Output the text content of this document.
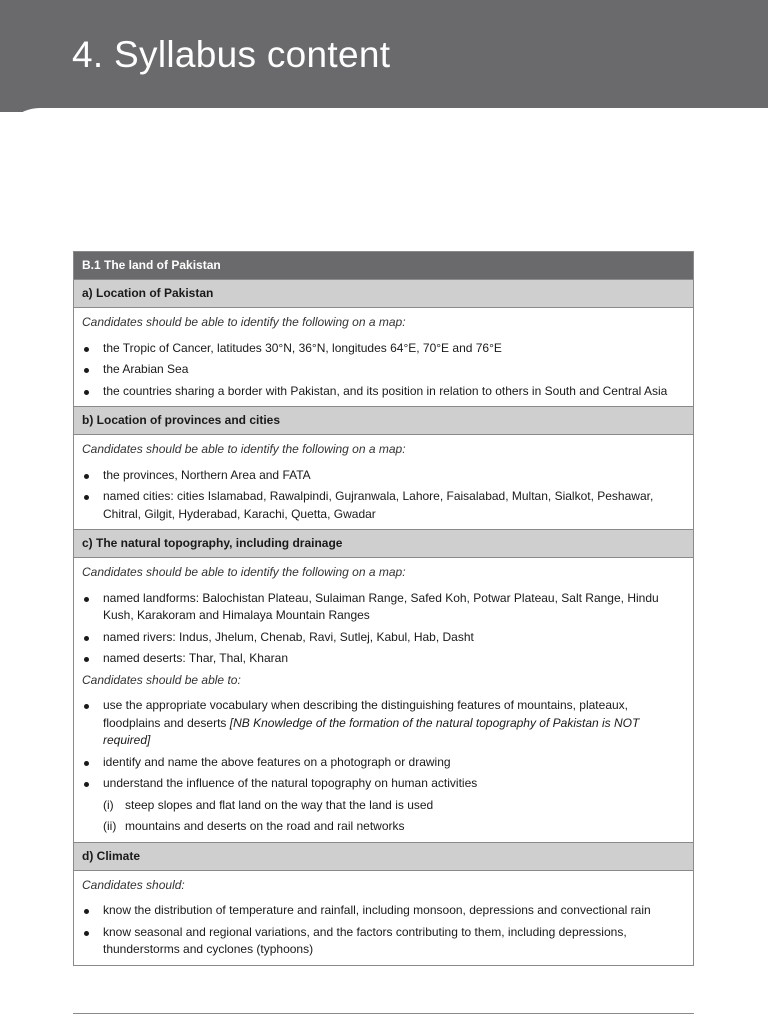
4. Syllabus content
B.1 The land of Pakistan
a) Location of Pakistan

Candidates should be able to identify the following on a map:

the Tropic of Cancer, latitudes 30°N, 36°N, longitudes 64°E, 70°E and 76°E
the Arabian Sea
the countries sharing a border with Pakistan, and its position in relation to others in South and Central Asia
b) Location of provinces and cities

Candidates should be able to identify the following on a map:

the provinces, Northern Area and FATA
named cities: cities Islamabad, Rawalpindi, Gujranwala, Lahore, Faisalabad, Multan, Sialkot, Peshawar, Chitral, Gilgit, Hyderabad, Karachi, Quetta, Gwadar
c) The natural topography, including drainage

Candidates should be able to identify the following on a map:

named landforms: Balochistan Plateau, Sulaiman Range, Safed Koh, Potwar Plateau, Salt Range, Hindu Kush, Karakoram and Himalaya Mountain Ranges
named rivers: Indus, Jhelum, Chenab, Ravi, Sutlej, Kabul, Hab, Dasht
named deserts: Thar, Thal, Kharan

Candidates should be able to:

use the appropriate vocabulary when describing the distinguishing features of mountains, plateaux, floodplains and deserts [NB Knowledge of the formation of the natural topography of Pakistan is NOT required]
identify and name the above features on a photograph or drawing
understand the influence of the natural topography on human activities
(i) steep slopes and flat land on the way that the land is used
(ii) mountains and deserts on the road and rail networks
d) Climate

Candidates should:

know the distribution of temperature and rainfall, including monsoon, depressions and convectional rain
know seasonal and regional variations, and the factors contributing to them, including depressions, thunderstorms and cyclones (typhoons)
